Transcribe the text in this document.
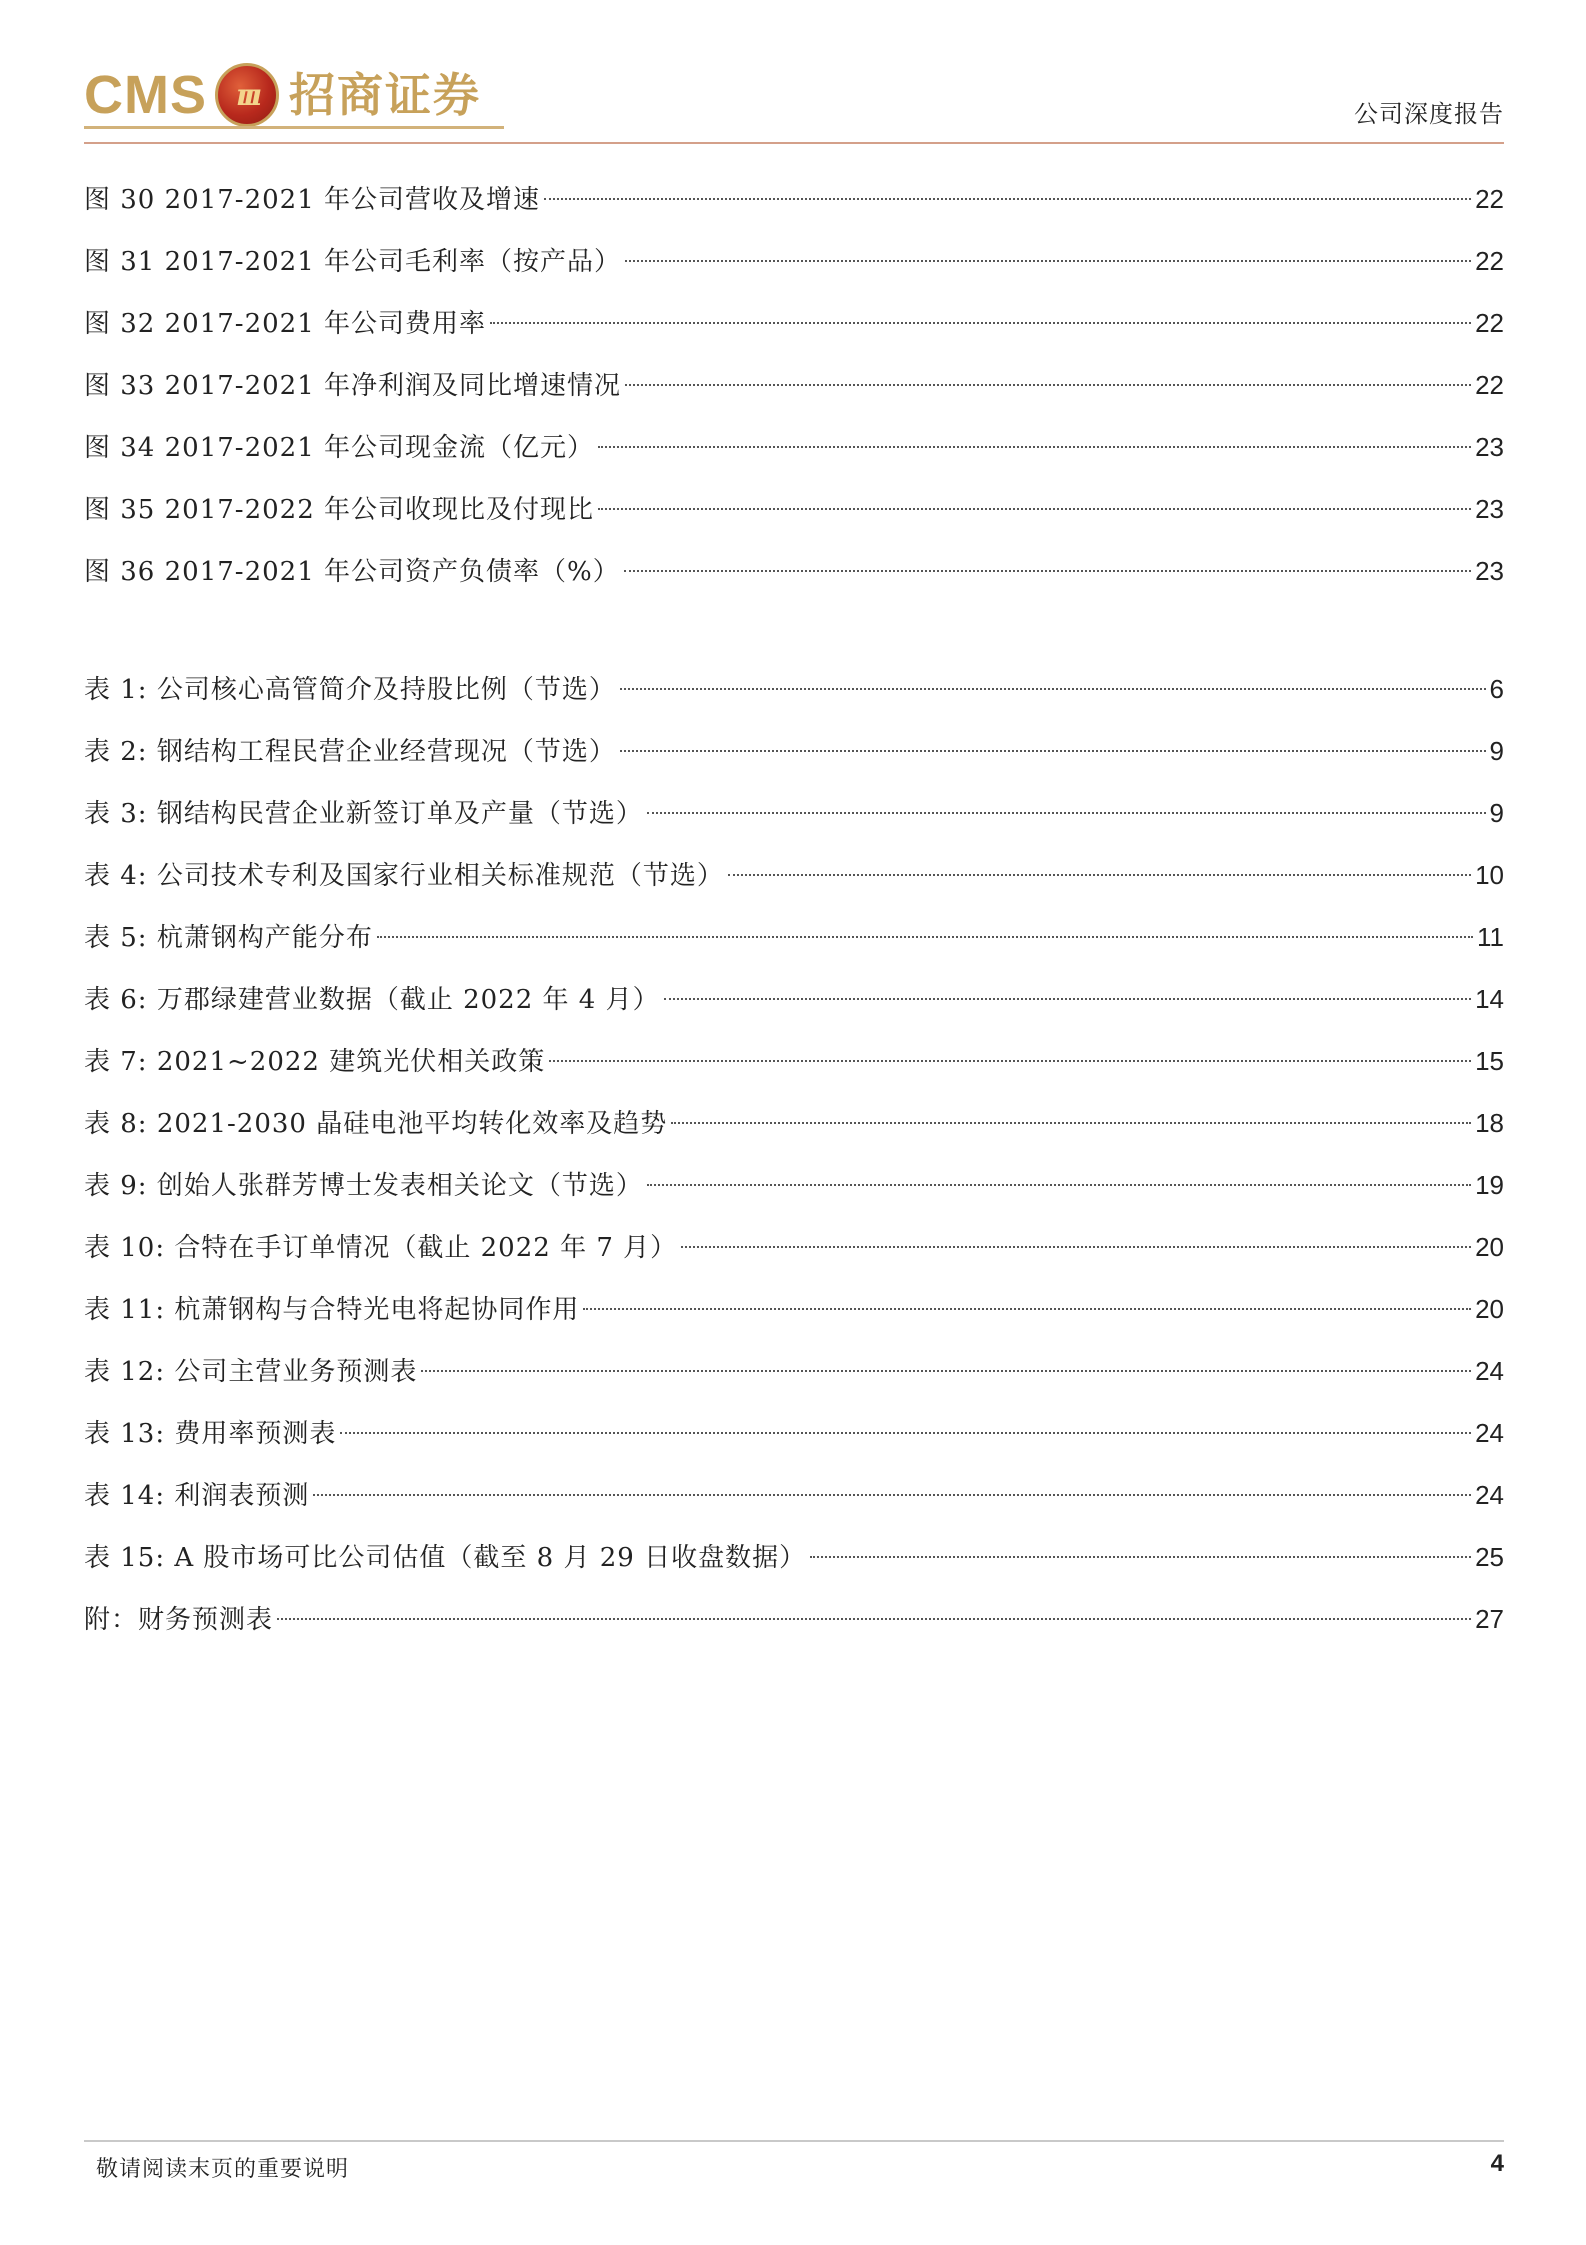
CMS ııı 招商证券	公司深度报告
图 30 2017-2021 年公司营收及增速	22
图 31 2017-2021 年公司毛利率（按产品）	22
图 32 2017-2021 年公司费用率	22
图 33 2017-2021 年净利润及同比增速情况	22
图 34 2017-2021 年公司现金流（亿元）	23
图 35 2017-2022 年公司收现比及付现比	23
图 36 2017-2021 年公司资产负债率（%）	23
表 1: 公司核心高管简介及持股比例（节选）	6
表 2: 钢结构工程民营企业经营现况（节选）	9
表 3: 钢结构民营企业新签订单及产量（节选）	9
表 4: 公司技术专利及国家行业相关标准规范（节选）	10
表 5: 杭萧钢构产能分布	11
表 6: 万郡绿建营业数据（截止 2022 年 4 月）	14
表 7: 2021~2022 建筑光伏相关政策	15
表 8: 2021-2030 晶硅电池平均转化效率及趋势	18
表 9: 创始人张群芳博士发表相关论文（节选）	19
表 10: 合特在手订单情况（截止 2022 年 7 月）	20
表 11: 杭萧钢构与合特光电将起协同作用	20
表 12: 公司主营业务预测表	24
表 13: 费用率预测表	24
表 14: 利润表预测	24
表 15: A 股市场可比公司估值（截至 8 月 29 日收盘数据）	25
附：财务预测表	27
敬请阅读末页的重要说明	4
